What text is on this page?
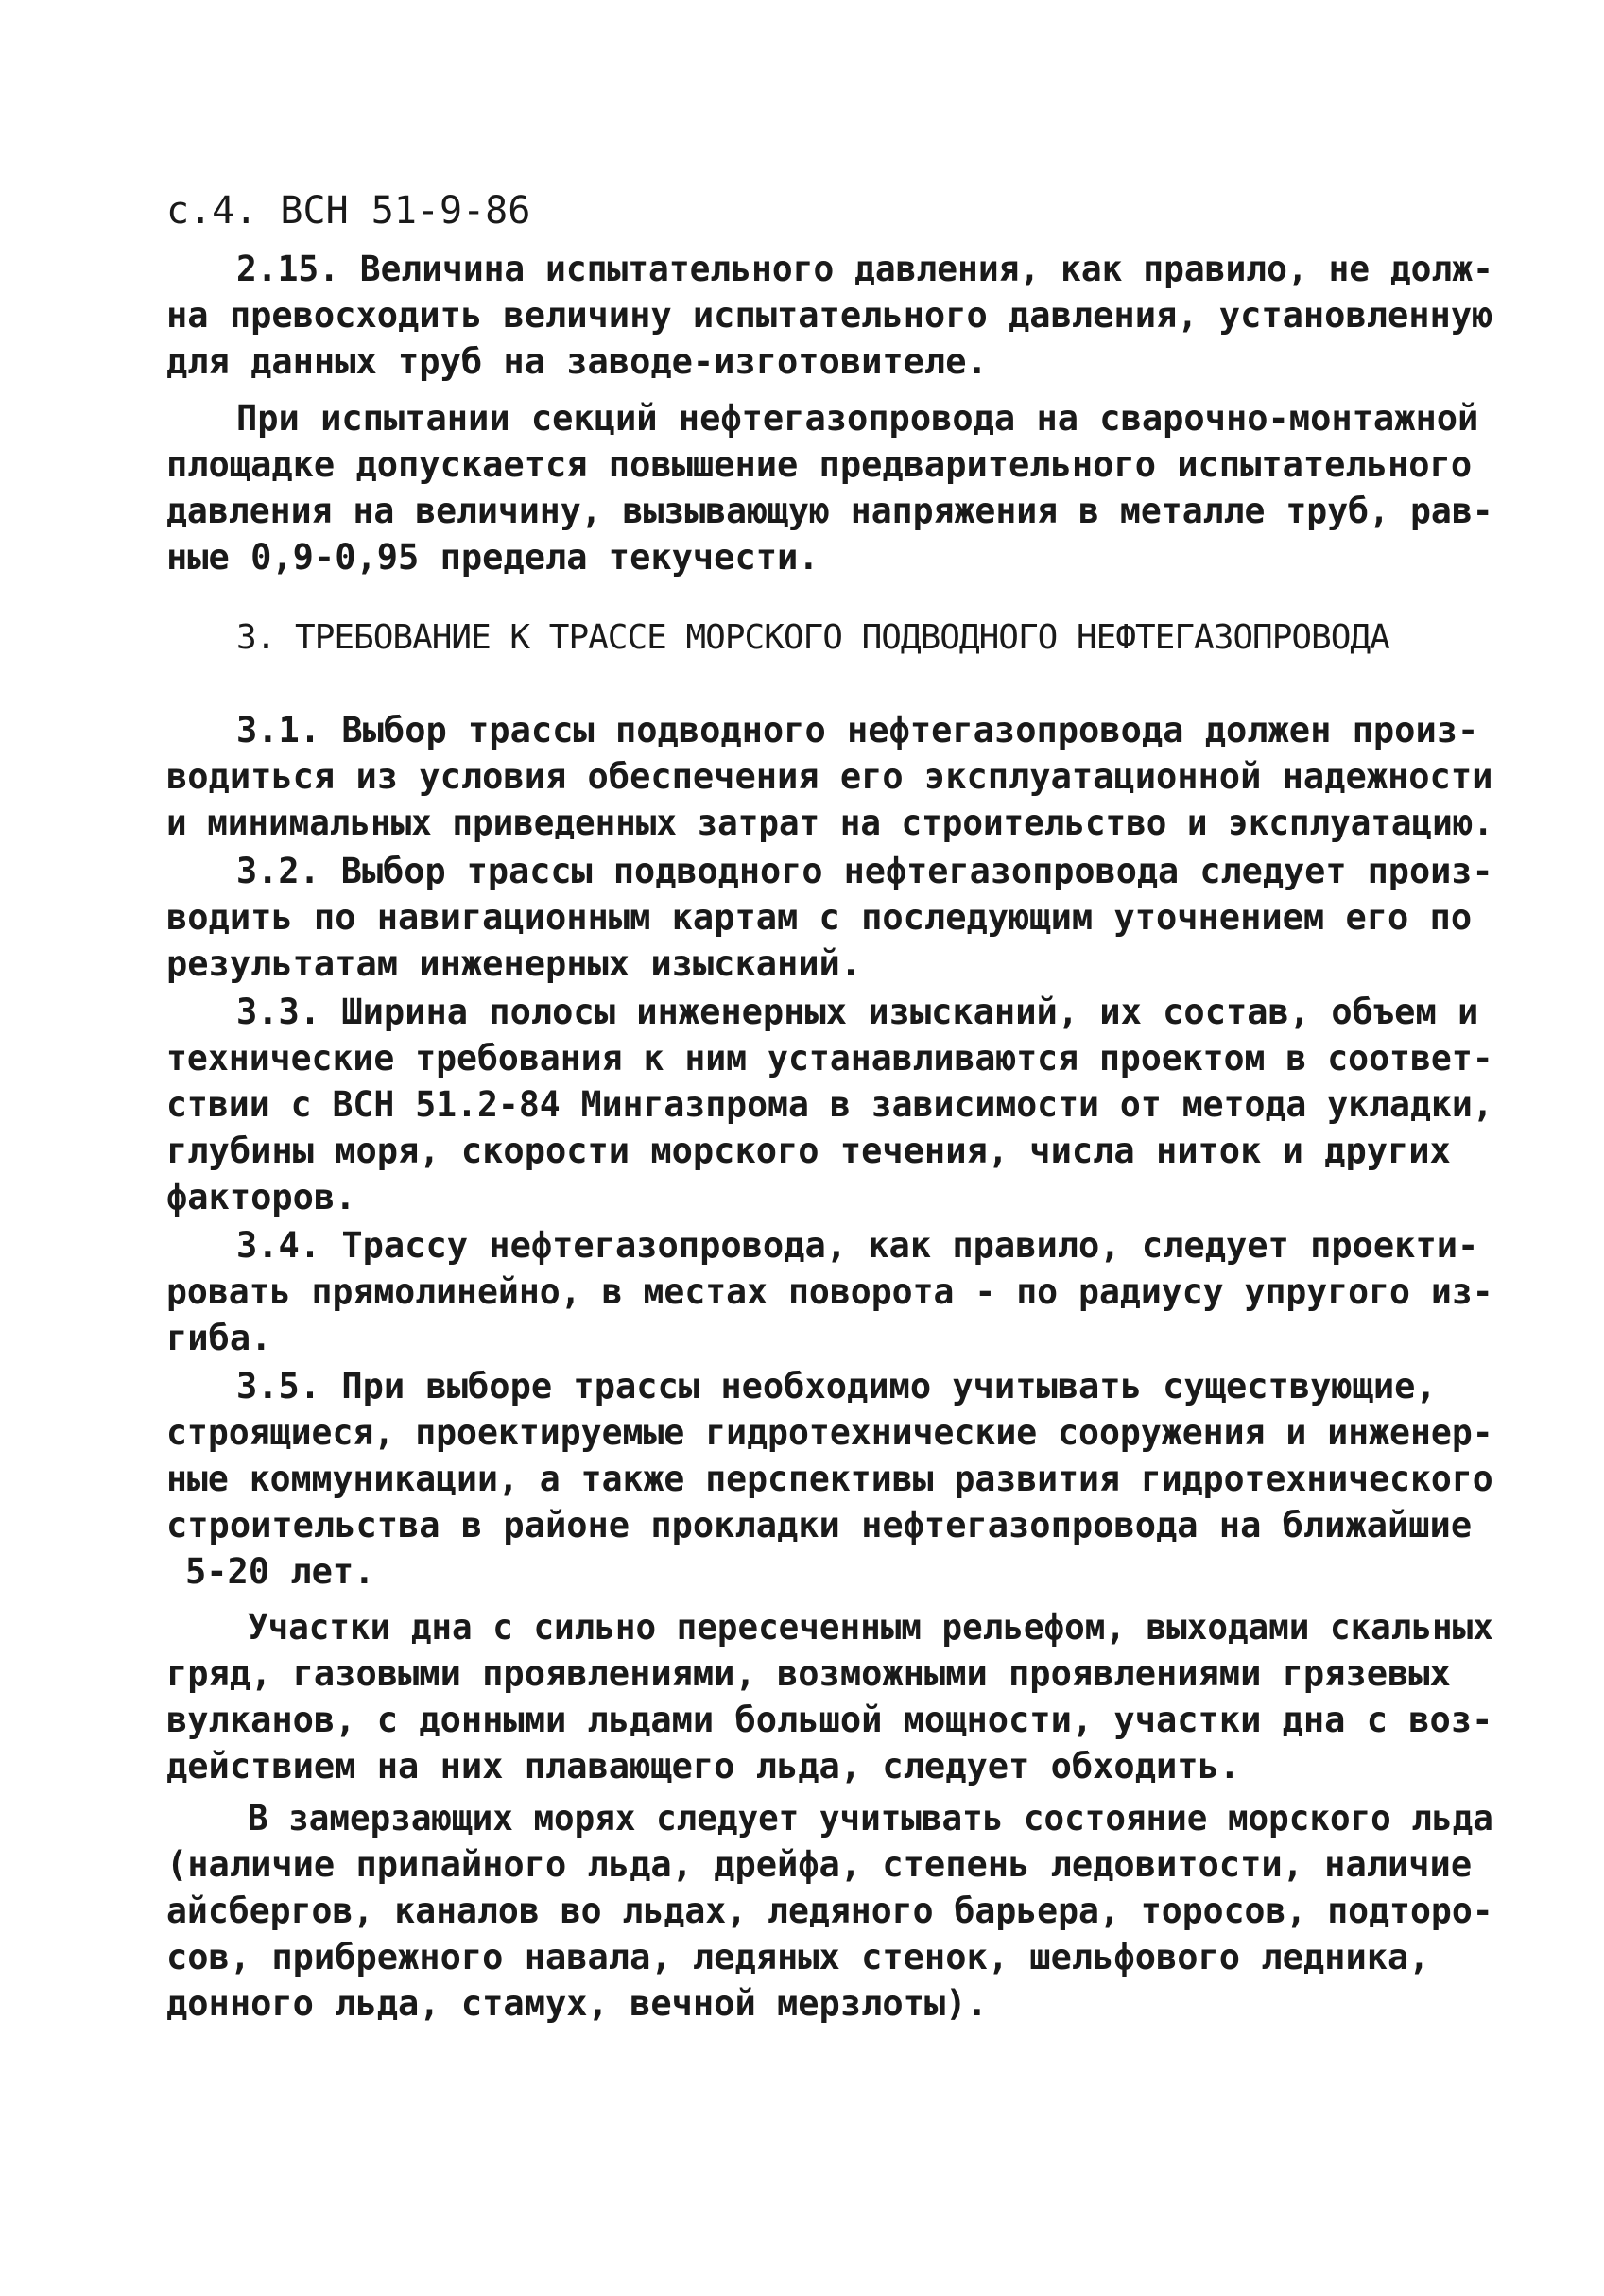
с.4. ВСН 51-9-86
2.15. Величина испытательного давления, как правило, не долж-
на превосходить величину испытательного давления, установленную
для данных труб на заводе-изготовителе.
При испытании секций нефтегазопровода на сварочно-монтажной
площадке допускается повышение предварительного испытательного
давления на величину, вызывающую напряжения в металле труб, рав-
ные 0,9-0,95 предела текучести.
3. ТРЕБОВАНИЕ К ТРАССЕ МОРСКОГО ПОДВОДНОГО НЕФТЕГАЗОПРОВОДА
3.1. Выбор трассы подводного нефтегазопровода должен произ-
водиться из условия обеспечения его эксплуатационной надежности
и минимальных приведенных затрат на строительство и эксплуатацию.
3.2. Выбор трассы подводного нефтегазопровода следует произ-
водить по навигационным картам с последующим уточнением его по
результатам инженерных изысканий.
3.3. Ширина полосы инженерных изысканий, их состав, объем и
технические требования к ним устанавливаются проектом в соответ-
ствии с ВСН 51.2-84 Мингазпрома в зависимости от метода укладки,
глубины моря, скорости морского течения, числа ниток и других
факторов.
3.4. Трассу нефтегазопровода, как правило, следует проекти-
ровать прямолинейно, в местах поворота - по радиусу упругого из-
гиба.
3.5. При выборе трассы необходимо учитывать существующие,
строящиеся, проектируемые гидротехнические сооружения и инженер-
ные коммуникации, а также перспективы развития гидротехнического
строительства в районе прокладки нефтегазопровода на ближайшие
5-20 лет.
Участки дна с сильно пересеченным рельефом, выходами скальных
гряд, газовыми проявлениями, возможными проявлениями грязевых
вулканов, с донными льдами большой мощности, участки дна с воз-
действием на них плавающего льда, следует обходить.
В замерзающих морях следует учитывать состояние морского льда
(наличие припайного льда, дрейфа, степень ледовитости, наличие
айсбергов, каналов во льдах, ледяного барьера, торосов, подторо-
сов, прибрежного навала, ледяных стенок, шельфового ледника,
донного льда, стамух, вечной мерзлоты).
